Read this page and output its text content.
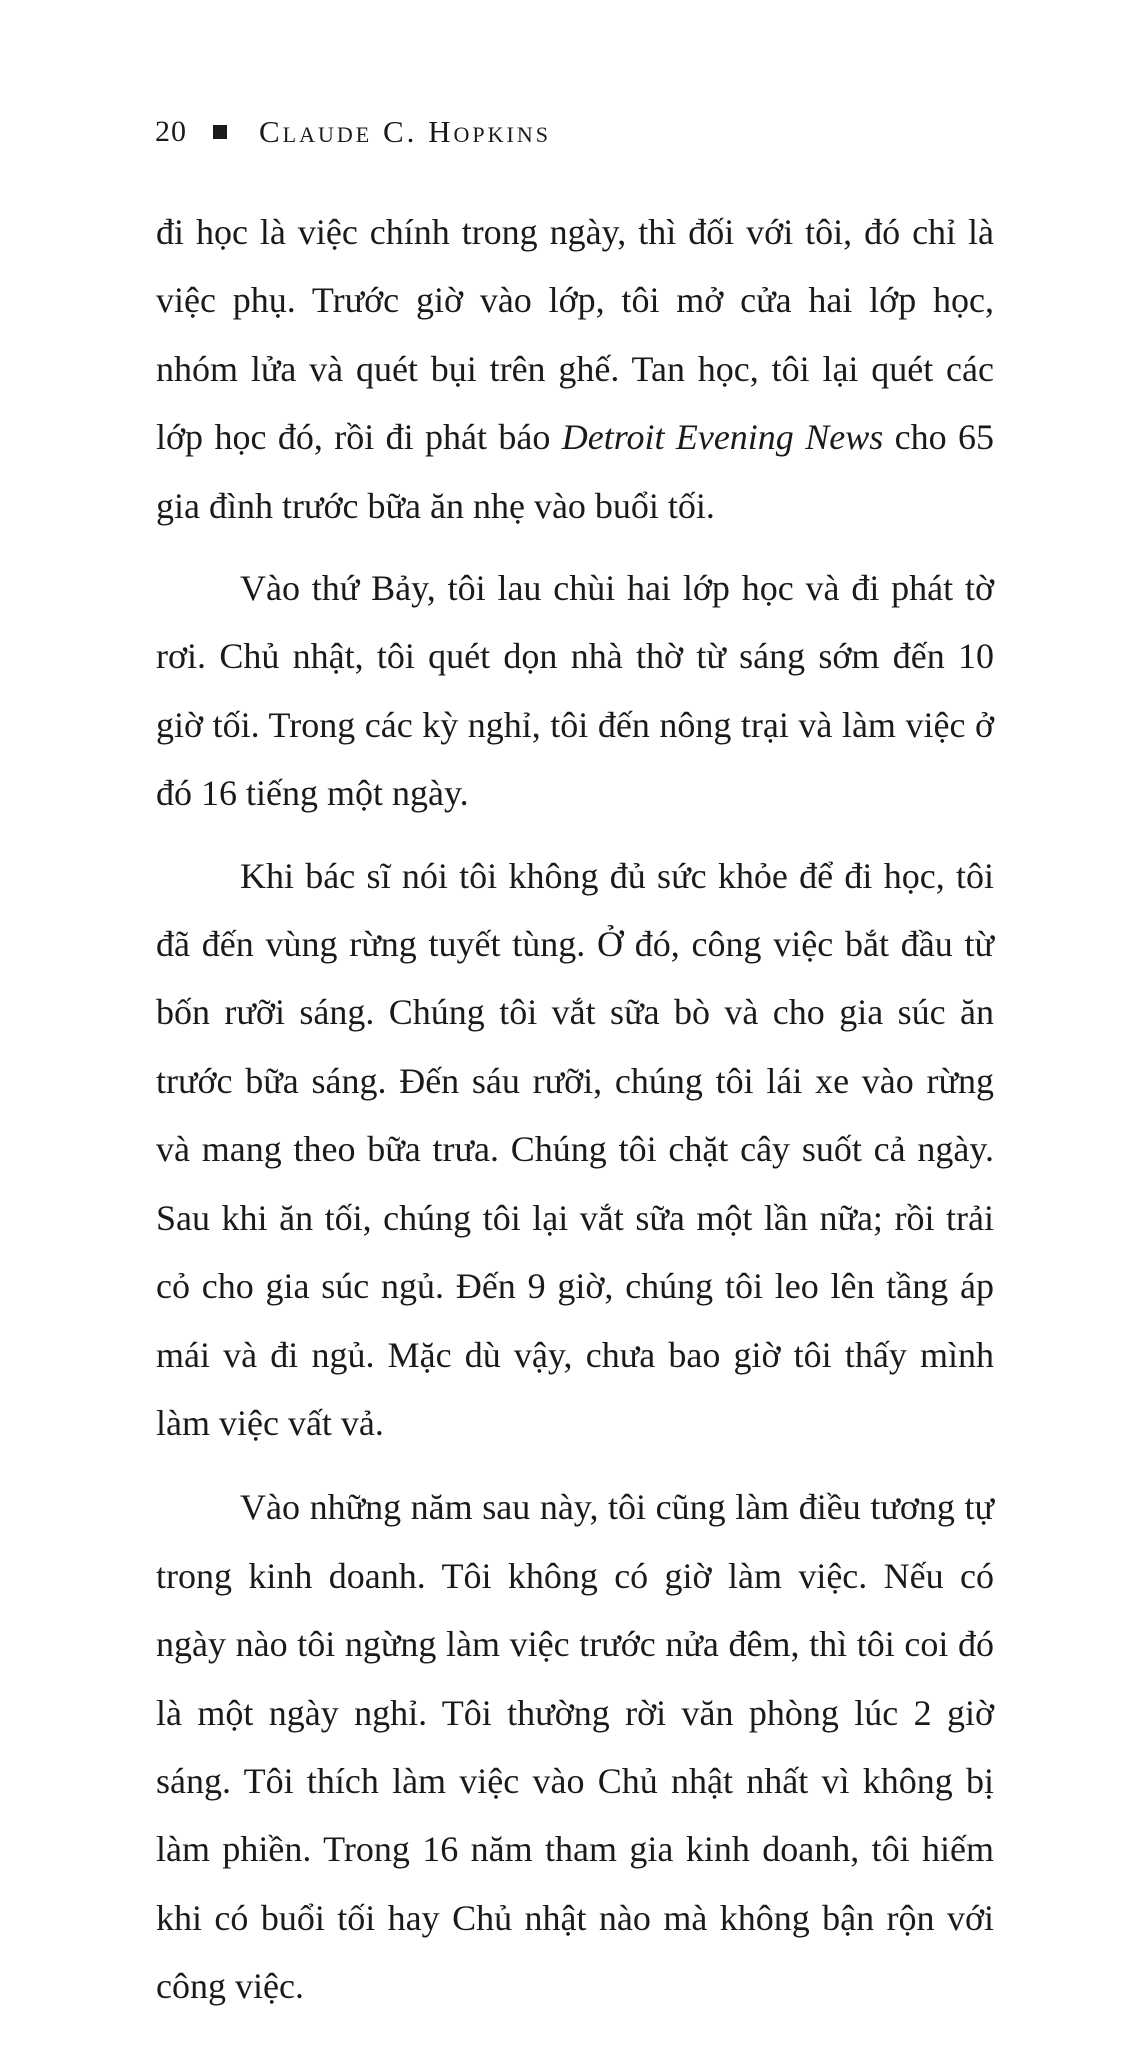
20 Claude C. Hopkins

đi học là việc chính trong ngày, thì đối với tôi, đó chỉ là việc phụ. Trước giờ vào lớp, tôi mở cửa hai lớp học, nhóm lửa và quét bụi trên ghế. Tan học, tôi lại quét các lớp học đó, rồi đi phát báo Detroit Evening News cho 65 gia đình trước bữa ăn nhẹ vào buổi tối.

Vào thứ Bảy, tôi lau chùi hai lớp học và đi phát tờ rơi. Chủ nhật, tôi quét dọn nhà thờ từ sáng sớm đến 10 giờ tối. Trong các kỳ nghỉ, tôi đến nông trại và làm việc ở đó 16 tiếng một ngày.

Khi bác sĩ nói tôi không đủ sức khỏe để đi học, tôi đã đến vùng rừng tuyết tùng. Ở đó, công việc bắt đầu từ bốn rưỡi sáng. Chúng tôi vắt sữa bò và cho gia súc ăn trước bữa sáng. Đến sáu rưỡi, chúng tôi lái xe vào rừng và mang theo bữa trưa. Chúng tôi chặt cây suốt cả ngày. Sau khi ăn tối, chúng tôi lại vắt sữa một lần nữa; rồi trải cỏ cho gia súc ngủ. Đến 9 giờ, chúng tôi leo lên tầng áp mái và đi ngủ. Mặc dù vậy, chưa bao giờ tôi thấy mình làm việc vất vả.

Vào những năm sau này, tôi cũng làm điều tương tự trong kinh doanh. Tôi không có giờ làm việc. Nếu có ngày nào tôi ngừng làm việc trước nửa đêm, thì tôi coi đó là một ngày nghỉ. Tôi thường rời văn phòng lúc 2 giờ sáng. Tôi thích làm việc vào Chủ nhật nhất vì không bị làm phiền. Trong 16 năm tham gia kinh doanh, tôi hiếm khi có buổi tối hay Chủ nhật nào mà không bận rộn với công việc.
